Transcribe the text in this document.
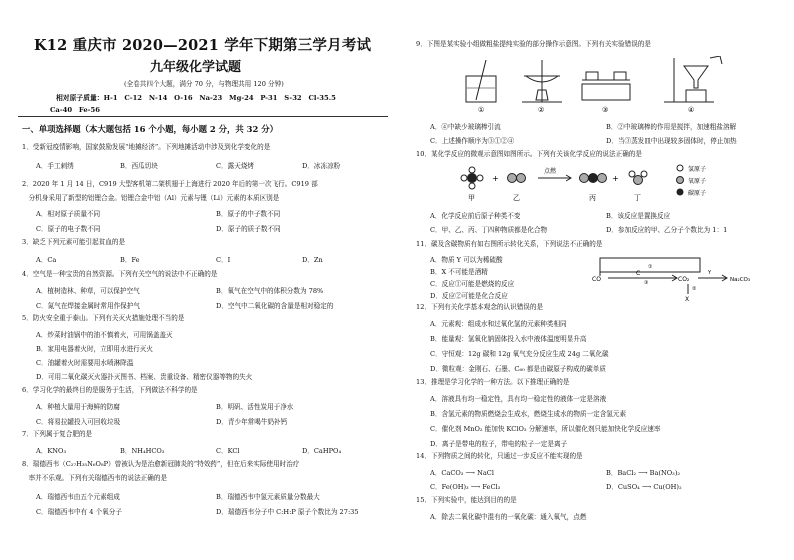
K12 重庆市 2020—2021 学年下期第三学月考试
九年级化学试题
(全卷共四个大题，满分 70 分，与物理共用 120 分钟)
相对原子质量：H-1　C-12　N-14　O-16　Na-23　Mg-24　P-31　S-32　Cl-35.5
Ca-40　Fe-56
一、单项选择题（本大题包括 16 个小题，每小题 2 分，共 32 分）
1．受新冠疫情影响，国家鼓励发展“地摊经济”。下列地摊活动中涉及到化学变化的是
A．手工刺绣	B．西瓜切块	C．露天烧烤	D．冰冻凉粉
2．2020 年 1 月 14 日，C919 大型客机第二架机翅于上海进行 2020 年后的第一次飞行。C919 部
　分机身采用了新型的铝锂合金。铝锂合金中铝（Al）元素与锂（Li）元素的本质区别是
A．相对原子质量不同	B．原子的中子数不同
C．原子的电子数不同	D．原子的质子数不同
3．缺乏下列元素可能引起贫血的是
A．Ca	B．Fe	C．I	D．Zn
4．空气是一种宝贵的自然资源。下列有关空气的说法中不正确的是
A．植树造林、种草，可以保护空气	B．氧气在空气中的体积分数为 78%
C．氮气在焊接金属时常用作保护气	D．空气中二氧化碳的含量是相对稳定的
5．防火安全重于泰山。下列有关灭火措施处理不当的是
A．炒菜时油锅中的油不慎着火，可用锅盖盖灭
B．家用电器着火时，立即用水进行灭火
C．油罐着火时需要用水喷淋降温
D．可用二氧化碳灭火器扑灭图书、档案、贵重设备、精密仪器等物的失火
6．学习化学的最终目的是服务于生活，下列做法不科学的是
A．种植大量用于海鲜的防腐	B．明矾、活性炭用于净水
C．将易拉罐投入可回收垃圾	D．青少年常喝牛奶补钙
7．下列属于复合肥的是
A．KNO₃	B．NH₄HCO₃	C．KCl	D．CaHPO₄
8．瑞德西韦（C₂₇H₃₅N₆O₈P）曾被认为是治愈新冠肺炎的“特效药”，但在后来实际使用时治疗
　率并不乐观。下列有关瑞德西韦的说法正确的是
A．瑞德西韦由五个元素组成	B．瑞德西韦中氢元素质量分数最大
C．瑞德西韦中有 4 个氧分子	D．瑞德西韦分子中 C:H:P 原子个数比为 27:35
9．下图是某实验小组做粗盐提纯实验的部分操作示意图。下列有关实验错误的是
①	②	③	④
A．④中缺少玻璃棒引流	B．②中玻璃棒的作用是搅拌，加速粗盐溶解
C．上述操作顺序为③①②④	D．当③蒸发皿中出现较多固体时，停止加热
10．某化学反应的微观示意图如图所示。下列有关该化学反应的说法正确的是
+
点燃
+
甲	乙	丙	丁
氢原子
氧原子
碳原子
A．化学反应前后原子种类不变	B．该反应是置换反应
C．甲、乙、丙、丁四种物质都是化合物	D．参加反应的甲、乙分子个数比为 1：1
11．碳及含碳物质有如右图所示转化关系，下列说法不正确的是
A．物质 Y 可以为稀硫酸
B．X 不可能是酒精
C．反应①可能是燃烧的反应
D．反应②可能是化合反应
CO
C
CO₂
Y
Na₂CO₃
X
①
②
③
12．下列有关化学基本观念的认识错误的是
A．元素观：组成水和过氧化氢的元素种类相同
B．能量观：氢氧化钠固体投入水中液体温度明显升高
C．守恒观：12g 碳和 12g 氧气充分反应生成 24g 二氧化碳
D．微粒观：金刚石、石墨、C₆₀ 都是由碳原子构成的碳单质
13．推理是学习化学的一种方法。以下推理正确的是
A．溶液具有均一稳定性，具有均一稳定性的液体一定是溶液
B．含氢元素的物质燃烧会生成水，燃烧生成水的物质一定含氢元素
C．催化剂 MnO₂ 能加快 KClO₃ 分解速率，所以催化剂只能加快化学反应速率
D．离子是带电的粒子，带电的粒子一定是离子
14．下列物质之间的转化，只通过一步反应不能实现的是
A．CaCO₃ ⟶ NaCl	B．BaCl₂ ⟶ Ba(NO₃)₂
C．Fe(OH)₃ ⟶ FeCl₃	D．CuSO₄ ⟶ Cu(OH)₂
15．下列实验中，能达到目的的是
A．除去二氧化碳中混有的一氧化碳：通入氧气，点燃
